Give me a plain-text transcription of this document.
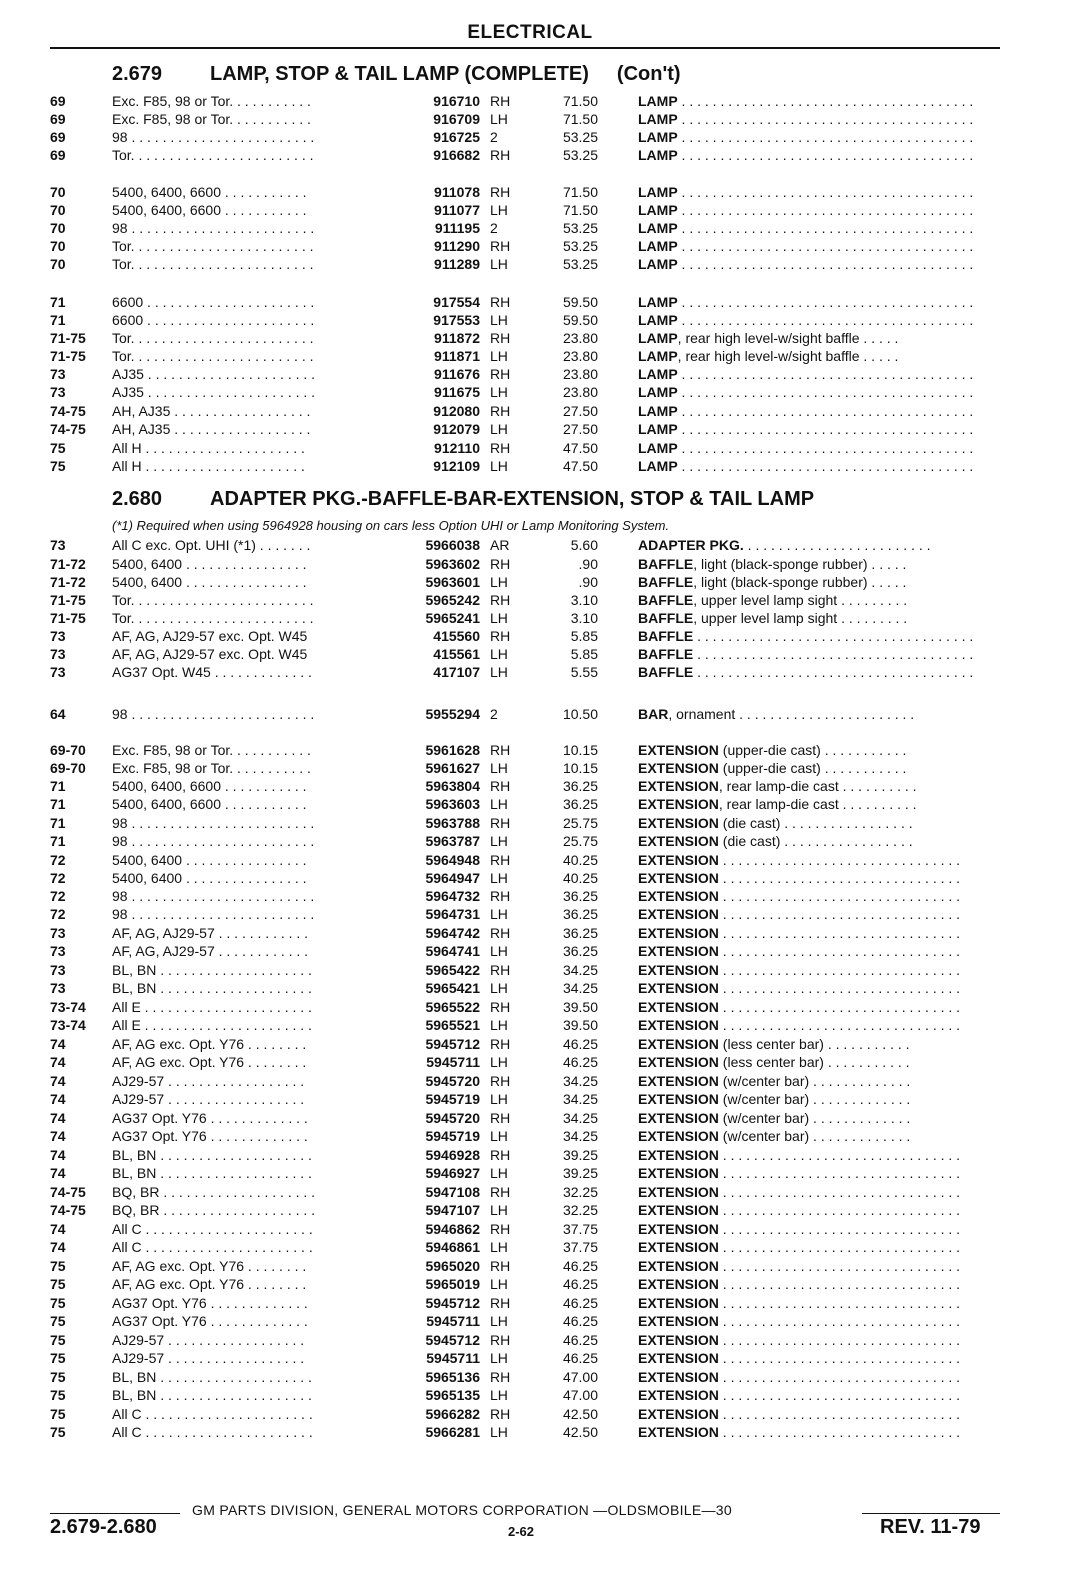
ELECTRICAL
2.679 LAMP, STOP & TAIL LAMP (COMPLETE) (Con't)
69	Exc. F85, 98 or Tor. . . . . . . . . . .	916710 RH	71.50	LAMP . . . . . . . . . . . . . . . . . . . . . . . . . . . . . . . . . . . . . .
69	Exc. F85, 98 or Tor. . . . . . . . . . .	916709 LH	71.50	LAMP . . . . . . . . . . . . . . . . . . . . . . . . . . . . . . . . . . . . . .
69	98 . . . . . . . . . . . . . . . . . . . . . . . .	916725 2	53.25	LAMP . . . . . . . . . . . . . . . . . . . . . . . . . . . . . . . . . . . . . .
69	Tor. . . . . . . . . . . . . . . . . . . . . . . .	916682 RH	53.25	LAMP . . . . . . . . . . . . . . . . . . . . . . . . . . . . . . . . . . . . . .
70	5400, 6400, 6600 . . . . . . . . . . .	911078 RH	71.50	LAMP . . . . . . . . . . . . . . . . . . . . . . . . . . . . . . . . . . . . . .
70	5400, 6400, 6600 . . . . . . . . . . .	911077 LH	71.50	LAMP . . . . . . . . . . . . . . . . . . . . . . . . . . . . . . . . . . . . . .
70	98 . . . . . . . . . . . . . . . . . . . . . . . .	911195 2	53.25	LAMP . . . . . . . . . . . . . . . . . . . . . . . . . . . . . . . . . . . . . .
70	Tor. . . . . . . . . . . . . . . . . . . . . . . .	911290 RH	53.25	LAMP . . . . . . . . . . . . . . . . . . . . . . . . . . . . . . . . . . . . . .
70	Tor. . . . . . . . . . . . . . . . . . . . . . . .	911289 LH	53.25	LAMP . . . . . . . . . . . . . . . . . . . . . . . . . . . . . . . . . . . . . .
71	6600 . . . . . . . . . . . . . . . . . . . . . .	917554 RH	59.50	LAMP . . . . . . . . . . . . . . . . . . . . . . . . . . . . . . . . . . . . . .
71	6600 . . . . . . . . . . . . . . . . . . . . . .	917553 LH	59.50	LAMP . . . . . . . . . . . . . . . . . . . . . . . . . . . . . . . . . . . . . .
71-75	Tor. . . . . . . . . . . . . . . . . . . . . . . .	911872 RH	23.80	LAMP, rear high level-w/sight baffle . . . . .
71-75	Tor. . . . . . . . . . . . . . . . . . . . . . . .	911871 LH	23.80	LAMP, rear high level-w/sight baffle . . . . .
73	AJ35 . . . . . . . . . . . . . . . . . . . . . .	911676 RH	23.80	LAMP . . . . . . . . . . . . . . . . . . . . . . . . . . . . . . . . . . . . . .
73	AJ35 . . . . . . . . . . . . . . . . . . . . . .	911675 LH	23.80	LAMP . . . . . . . . . . . . . . . . . . . . . . . . . . . . . . . . . . . . . .
74-75	AH, AJ35 . . . . . . . . . . . . . . . . . .	912080 RH	27.50	LAMP . . . . . . . . . . . . . . . . . . . . . . . . . . . . . . . . . . . . . .
74-75	AH, AJ35 . . . . . . . . . . . . . . . . . .	912079 LH	27.50	LAMP . . . . . . . . . . . . . . . . . . . . . . . . . . . . . . . . . . . . . .
75	All H . . . . . . . . . . . . . . . . . . . . .	912110 RH	47.50	LAMP . . . . . . . . . . . . . . . . . . . . . . . . . . . . . . . . . . . . . .
75	All H . . . . . . . . . . . . . . . . . . . . .	912109 LH	47.50	LAMP . . . . . . . . . . . . . . . . . . . . . . . . . . . . . . . . . . . . . .
2.680 ADAPTER PKG.-BAFFLE-BAR-EXTENSION, STOP & TAIL LAMP
(*1) Required when using 5964928 housing on cars less Option UHI or Lamp Monitoring System.
73	All C exc. Opt. UHI (*1) . . . . . . .	5966038 AR	5.60	ADAPTER PKG. . . . . . . . . . . . . . . . . . . . . . . . .
71-72	5400, 6400 . . . . . . . . . . . . . . . .	5963602 RH	.90	BAFFLE, light (black-sponge rubber) . . . . .
71-72	5400, 6400 . . . . . . . . . . . . . . . .	5963601 LH	.90	BAFFLE, light (black-sponge rubber) . . . . .
71-75	Tor. . . . . . . . . . . . . . . . . . . . . . . .	5965242 RH	3.10	BAFFLE, upper level lamp sight . . . . . . . . .
71-75	Tor. . . . . . . . . . . . . . . . . . . . . . . .	5965241 LH	3.10	BAFFLE, upper level lamp sight . . . . . . . . .
73	AF, AG, AJ29-57 exc. Opt. W45	415560 RH	5.85	BAFFLE . . . . . . . . . . . . . . . . . . . . . . . . . . . . . . . . . . . .
73	AF, AG, AJ29-57 exc. Opt. W45	415561 LH	5.85	BAFFLE . . . . . . . . . . . . . . . . . . . . . . . . . . . . . . . . . . . .
73	AG37 Opt. W45 . . . . . . . . . . . . .	417107 LH	5.55	BAFFLE . . . . . . . . . . . . . . . . . . . . . . . . . . . . . . . . . . . .
64	98 . . . . . . . . . . . . . . . . . . . . . . . .	5955294 2	10.50	BAR, ornament . . . . . . . . . . . . . . . . . . . . . . .
69-70	Exc. F85, 98 or Tor. . . . . . . . . . .	5961628 RH	10.15	EXTENSION (upper-die cast) . . . . . . . . . . .
69-70	Exc. F85, 98 or Tor. . . . . . . . . . .	5961627 LH	10.15	EXTENSION (upper-die cast) . . . . . . . . . . .
71	5400, 6400, 6600 . . . . . . . . . . .	5963804 RH	36.25	EXTENSION, rear lamp-die cast . . . . . . . . . .
71	5400, 6400, 6600 . . . . . . . . . . .	5963603 LH	36.25	EXTENSION, rear lamp-die cast . . . . . . . . . .
71	98 . . . . . . . . . . . . . . . . . . . . . . . .	5963788 RH	25.75	EXTENSION (die cast) . . . . . . . . . . . . . . . . .
71	98 . . . . . . . . . . . . . . . . . . . . . . . .	5963787 LH	25.75	EXTENSION (die cast) . . . . . . . . . . . . . . . . .
72	5400, 6400 . . . . . . . . . . . . . . . .	5964948 RH	40.25	EXTENSION . . . . . . . . . . . . . . . . . . . . . . . . . . . . . . .
72	5400, 6400 . . . . . . . . . . . . . . . .	5964947 LH	40.25	EXTENSION . . . . . . . . . . . . . . . . . . . . . . . . . . . . . . .
72	98 . . . . . . . . . . . . . . . . . . . . . . . .	5964732 RH	36.25	EXTENSION . . . . . . . . . . . . . . . . . . . . . . . . . . . . . . .
72	98 . . . . . . . . . . . . . . . . . . . . . . . .	5964731 LH	36.25	EXTENSION . . . . . . . . . . . . . . . . . . . . . . . . . . . . . . .
73	AF, AG, AJ29-57 . . . . . . . . . . . .	5964742 RH	36.25	EXTENSION . . . . . . . . . . . . . . . . . . . . . . . . . . . . . . .
73	AF, AG, AJ29-57 . . . . . . . . . . . .	5964741 LH	36.25	EXTENSION . . . . . . . . . . . . . . . . . . . . . . . . . . . . . . .
73	BL, BN . . . . . . . . . . . . . . . . . . . .	5965422 RH	34.25	EXTENSION . . . . . . . . . . . . . . . . . . . . . . . . . . . . . . .
73	BL, BN . . . . . . . . . . . . . . . . . . . .	5965421 LH	34.25	EXTENSION . . . . . . . . . . . . . . . . . . . . . . . . . . . . . . .
73-74	All E . . . . . . . . . . . . . . . . . . . . . .	5965522 RH	39.50	EXTENSION . . . . . . . . . . . . . . . . . . . . . . . . . . . . . . .
73-74	All E . . . . . . . . . . . . . . . . . . . . . .	5965521 LH	39.50	EXTENSION . . . . . . . . . . . . . . . . . . . . . . . . . . . . . . .
74	AF, AG exc. Opt. Y76 . . . . . . . .	5945712 RH	46.25	EXTENSION (less center bar) . . . . . . . . . . .
74	AF, AG exc. Opt. Y76 . . . . . . . .	5945711 LH	46.25	EXTENSION (less center bar) . . . . . . . . . . .
74	AJ29-57 . . . . . . . . . . . . . . . . . .	5945720 RH	34.25	EXTENSION (w/center bar) . . . . . . . . . . . . .
74	AJ29-57 . . . . . . . . . . . . . . . . . .	5945719 LH	34.25	EXTENSION (w/center bar) . . . . . . . . . . . . .
74	AG37 Opt. Y76 . . . . . . . . . . . . .	5945720 RH	34.25	EXTENSION (w/center bar) . . . . . . . . . . . . .
74	AG37 Opt. Y76 . . . . . . . . . . . . .	5945719 LH	34.25	EXTENSION (w/center bar) . . . . . . . . . . . . .
74	BL, BN . . . . . . . . . . . . . . . . . . . .	5946928 RH	39.25	EXTENSION . . . . . . . . . . . . . . . . . . . . . . . . . . . . . . .
74	BL, BN . . . . . . . . . . . . . . . . . . . .	5946927 LH	39.25	EXTENSION . . . . . . . . . . . . . . . . . . . . . . . . . . . . . . .
74-75	BQ, BR . . . . . . . . . . . . . . . . . . . .	5947108 RH	32.25	EXTENSION . . . . . . . . . . . . . . . . . . . . . . . . . . . . . . .
74-75	BQ, BR . . . . . . . . . . . . . . . . . . . .	5947107 LH	32.25	EXTENSION . . . . . . . . . . . . . . . . . . . . . . . . . . . . . . .
74	All C . . . . . . . . . . . . . . . . . . . . . .	5946862 RH	37.75	EXTENSION . . . . . . . . . . . . . . . . . . . . . . . . . . . . . . .
74	All C . . . . . . . . . . . . . . . . . . . . . .	5946861 LH	37.75	EXTENSION . . . . . . . . . . . . . . . . . . . . . . . . . . . . . . .
75	AF, AG exc. Opt. Y76 . . . . . . . .	5965020 RH	46.25	EXTENSION . . . . . . . . . . . . . . . . . . . . . . . . . . . . . . .
75	AF, AG exc. Opt. Y76 . . . . . . . .	5965019 LH	46.25	EXTENSION . . . . . . . . . . . . . . . . . . . . . . . . . . . . . . .
75	AG37 Opt. Y76 . . . . . . . . . . . . .	5945712 RH	46.25	EXTENSION . . . . . . . . . . . . . . . . . . . . . . . . . . . . . . .
75	AG37 Opt. Y76 . . . . . . . . . . . . .	5945711 LH	46.25	EXTENSION . . . . . . . . . . . . . . . . . . . . . . . . . . . . . . .
75	AJ29-57 . . . . . . . . . . . . . . . . . .	5945712 RH	46.25	EXTENSION . . . . . . . . . . . . . . . . . . . . . . . . . . . . . . .
75	AJ29-57 . . . . . . . . . . . . . . . . . .	5945711 LH	46.25	EXTENSION . . . . . . . . . . . . . . . . . . . . . . . . . . . . . . .
75	BL, BN . . . . . . . . . . . . . . . . . . . .	5965136 RH	47.00	EXTENSION . . . . . . . . . . . . . . . . . . . . . . . . . . . . . . .
75	BL, BN . . . . . . . . . . . . . . . . . . . .	5965135 LH	47.00	EXTENSION . . . . . . . . . . . . . . . . . . . . . . . . . . . . . . .
75	All C . . . . . . . . . . . . . . . . . . . . . .	5966282 RH	42.50	EXTENSION . . . . . . . . . . . . . . . . . . . . . . . . . . . . . . .
75	All C . . . . . . . . . . . . . . . . . . . . . .	5966281 LH	42.50	EXTENSION . . . . . . . . . . . . . . . . . . . . . . . . . . . . . . .
GM PARTS DIVISION, GENERAL MOTORS CORPORATION —OLDSMOBILE—30
2.679-2.680	2-62	REV. 11-79
